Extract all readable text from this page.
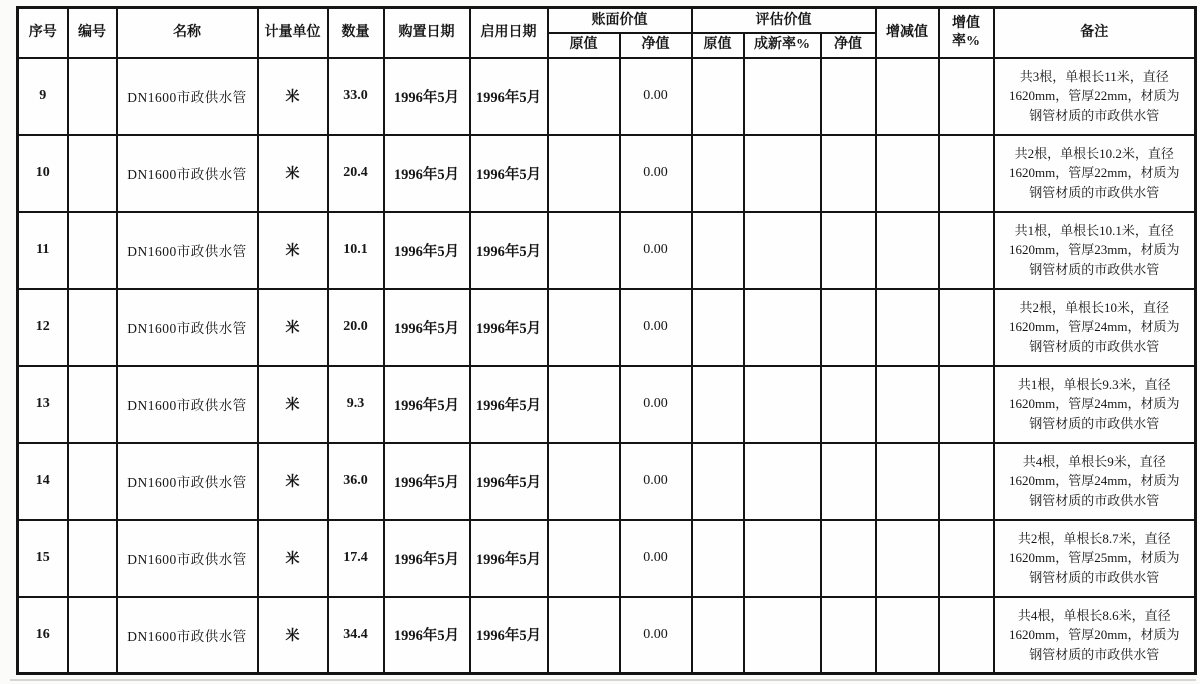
序号	编号	名称	计量单位	数量	购置日期	启用日期	账面价值		评估价值			增减值	增值率%	备注
							原值	净值	原值	成新率%	净值			
9		DN1600市政供水管	米	33.0	1996年5月	1996年5月		0.00						共3根，单根长11米，直径1620mm，管厚22mm，材质为钢管材质的市政供水管
10		DN1600市政供水管	米	20.4	1996年5月	1996年5月		0.00						共2根，单根长10.2米，直径1620mm，管厚22mm，材质为钢管材质的市政供水管
11		DN1600市政供水管	米	10.1	1996年5月	1996年5月		0.00						共1根，单根长10.1米，直径1620mm，管厚23mm，材质为钢管材质的市政供水管
12		DN1600市政供水管	米	20.0	1996年5月	1996年5月		0.00						共2根，单根长10米，直径1620mm，管厚24mm，材质为钢管材质的市政供水管
13		DN1600市政供水管	米	9.3	1996年5月	1996年5月		0.00						共1根，单根长9.3米，直径1620mm，管厚24mm，材质为钢管材质的市政供水管
14		DN1600市政供水管	米	36.0	1996年5月	1996年5月		0.00						共4根，单根长9米，直径1620mm，管厚24mm，材质为钢管材质的市政供水管
15		DN1600市政供水管	米	17.4	1996年5月	1996年5月		0.00						共2根，单根长8.7米，直径1620mm，管厚25mm，材质为钢管材质的市政供水管
16		DN1600市政供水管	米	34.4	1996年5月	1996年5月		0.00						共4根，单根长8.6米，直径1620mm，管厚20mm，材质为钢管材质的市政供水管
